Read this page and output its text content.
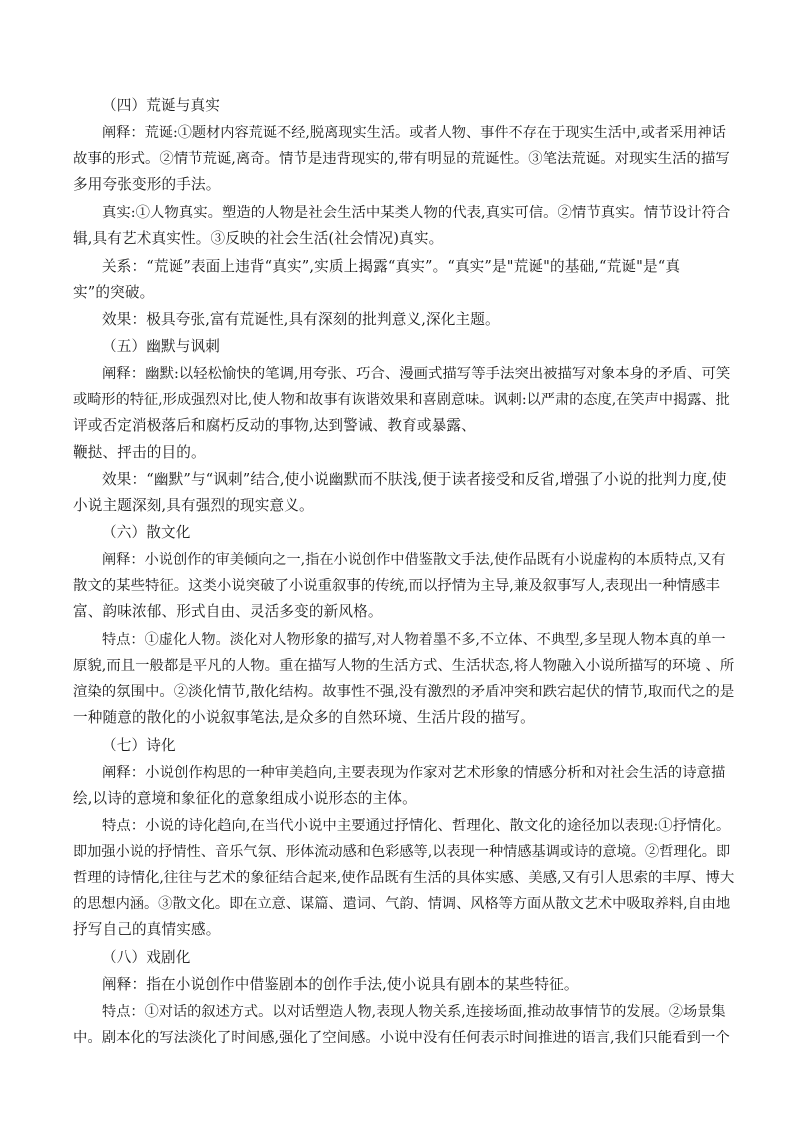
（四）荒诞与真实
阐释：荒诞:①题材内容荒诞不经,脱离现实生活。或者人物、事件不存在于现实生活中,或者采用神话
故事的形式。②情节荒诞,离奇。情节是违背现实的,带有明显的荒诞性。③笔法荒诞。对现实生活的描写
多用夸张变形的手法。
真实:①人物真实。塑造的人物是社会生活中某类人物的代表,真实可信。②情节真实。情节设计符合
辑,具有艺术真实性。③反映的社会生活(社会情况)真实。
关系：“荒诞”表面上违背“真实”,实质上揭露“真实”。“真实”是"荒诞"的基础,“荒诞"是“真
实”的突破。
效果：极具夸张,富有荒诞性,具有深刻的批判意义,深化主题。
（五）幽默与讽刺
阐释：幽默:以轻松愉快的笔调,用夸张、巧合、漫画式描写等手法突出被描写对象本身的矛盾、可笑
或畸形的特征,形成强烈对比,使人物和故事有诙谐效果和喜剧意味。讽刺:以严肃的态度,在笑声中揭露、批
评或否定消极落后和腐朽反动的事物,达到警诫、教育或暴露、
鞭挞、抨击的目的。
效果：“幽默”与“讽刺”结合,使小说幽默而不肤浅,便于读者接受和反省,增强了小说的批判力度,使
小说主题深刻,具有强烈的现实意义。
（六）散文化
阐释：小说创作的审美倾向之一,指在小说创作中借鉴散文手法,使作品既有小说虚构的本质特点,又有
散文的某些特征。这类小说突破了小说重叙事的传统,而以抒情为主导,兼及叙事写人,表现出一种情感丰
富、韵味浓郁、形式自由、灵活多变的新风格。
特点：①虚化人物。淡化对人物形象的描写,对人物着墨不多,不立体、不典型,多呈现人物本真的单一
原貌,而且一般都是平凡的人物。重在描写人物的生活方式、生活状态,将人物融入小说所描写的环境 、所
渲染的氛围中。②淡化情节,散化结构。故事性不强,没有激烈的矛盾冲突和跌宕起伏的情节,取而代之的是
一种随意的散化的小说叙事笔法,是众多的自然环境、生活片段的描写。
（七）诗化
阐释：小说创作构思的一种审美趋向,主要表现为作家对艺术形象的情感分析和对社会生活的诗意描
绘,以诗的意境和象征化的意象组成小说形态的主体。
特点：小说的诗化趋向,在当代小说中主要通过抒情化、哲理化、散文化的途径加以表现:①抒情化。
即加强小说的抒情性、音乐气氛、形体流动感和色彩感等,以表现一种情感基调或诗的意境。②哲理化。即
哲理的诗情化,往往与艺术的象征结合起来,使作品既有生活的具体实感、美感,又有引人思索的丰厚、博大
的思想内涵。③散文化。即在立意、谋篇、遣词、气韵、情调、风格等方面从散文艺术中吸取养料,自由地
抒写自己的真情实感。
（八）戏剧化
阐释：指在小说创作中借鉴剧本的创作手法,使小说具有剧本的某些特征。
特点：①对话的叙述方式。以对话塑造人物,表现人物关系,连接场面,推动故事情节的发展。②场景集
中。剧本化的写法淡化了时间感,强化了空间感。小说中没有任何表示时间推进的语言,我们只能看到一个
